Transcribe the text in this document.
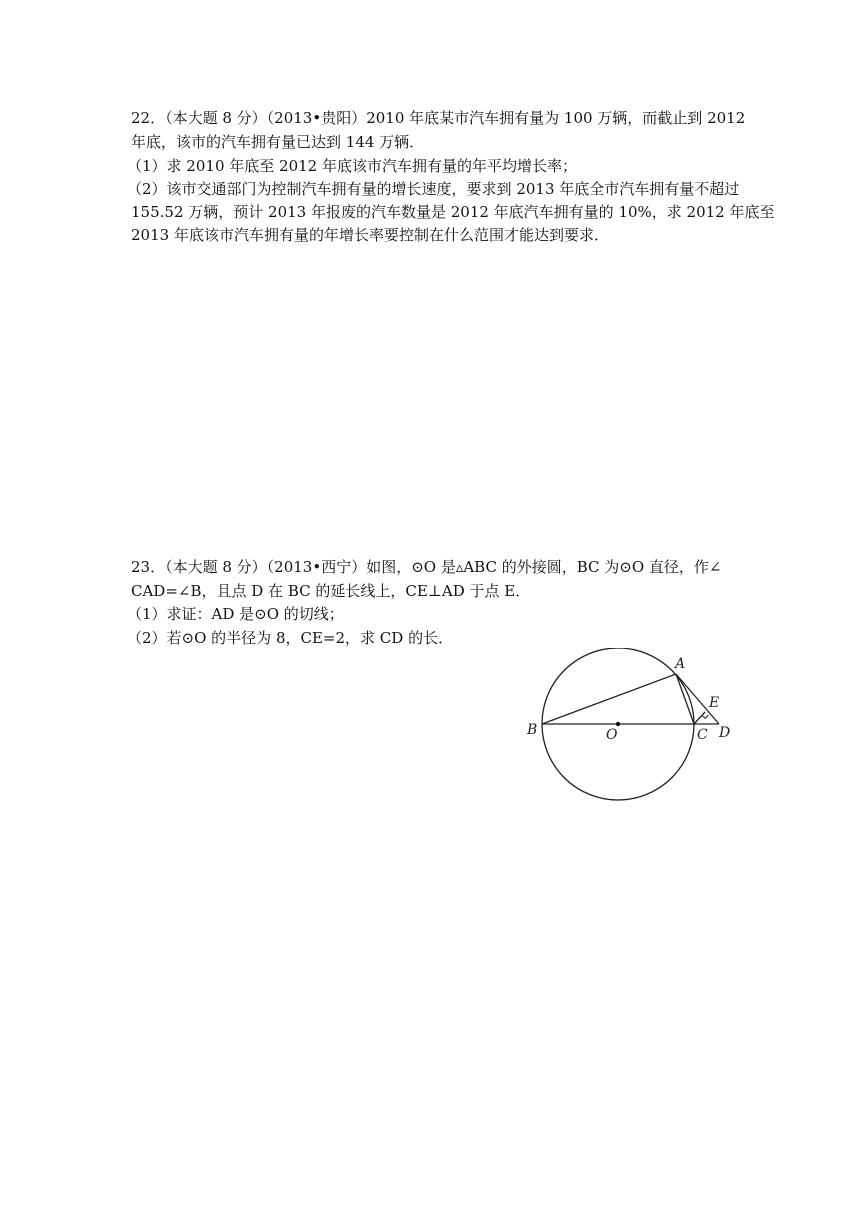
22．（本大题 8 分）（2013•贵阳）2010 年底某市汽车拥有量为 100 万辆，而截止到 2012
年底，该市的汽车拥有量已达到 144 万辆．
（1）求 2010 年底至 2012 年底该市汽车拥有量的年平均增长率；
（2）该市交通部门为控制汽车拥有量的增长速度，要求到 2013 年底全市汽车拥有量不超过
155.52 万辆，预计 2013 年报废的汽车数量是 2012 年底汽车拥有量的 10%，求 2012 年底至
2013 年底该市汽车拥有量的年增长率要控制在什么范围才能达到要求．
23．（本大题 8 分）（2013•西宁）如图，⊙O 是▵ABC 的外接圆，BC 为⊙O 直径，作∠
CAD=∠B，且点 D 在 BC 的延长线上，CE⊥AD 于点 E．
（1）求证：AD 是⊙O 的切线；
（2）若⊙O 的半径为 8，CE=2，求 CD 的长．
A
E
B	O	C D
